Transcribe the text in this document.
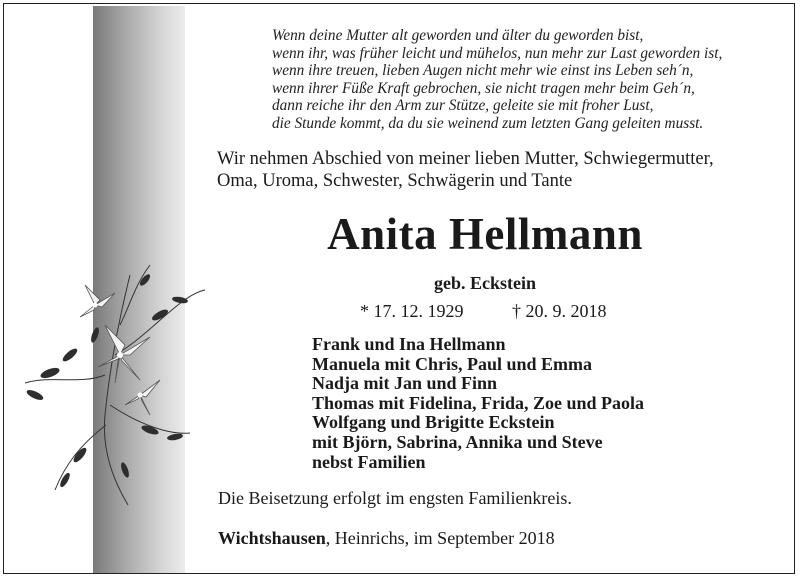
Wenn deine Mutter alt geworden und älter du geworden bist,
wenn ihr, was früher leicht und mühelos, nun mehr zur Last geworden ist,
wenn ihre treuen, lieben Augen nicht mehr wie einst ins Leben seh´n,
wenn ihrer Füße Kraft gebrochen, sie nicht tragen mehr beim Geh´n,
dann reiche ihr den Arm zur Stütze, geleite sie mit froher Lust,
die Stunde kommt, da du sie weinend zum letzten Gang geleiten musst.
Wir nehmen Abschied von meiner lieben Mutter, Schwiegermutter,
Oma, Uroma, Schwester, Schwägerin und Tante
Anita Hellmann
geb. Eckstein
* 17. 12. 1929	† 20. 9. 2018
Frank und Ina Hellmann
Manuela mit Chris, Paul und Emma
Nadja mit Jan und Finn
Thomas mit Fidelina, Frida, Zoe und Paola
Wolfgang und Brigitte Eckstein
mit Björn, Sabrina, Annika und Steve
nebst Familien
Die Beisetzung erfolgt im engsten Familienkreis.
Wichtshausen, Heinrichs, im September 2018
